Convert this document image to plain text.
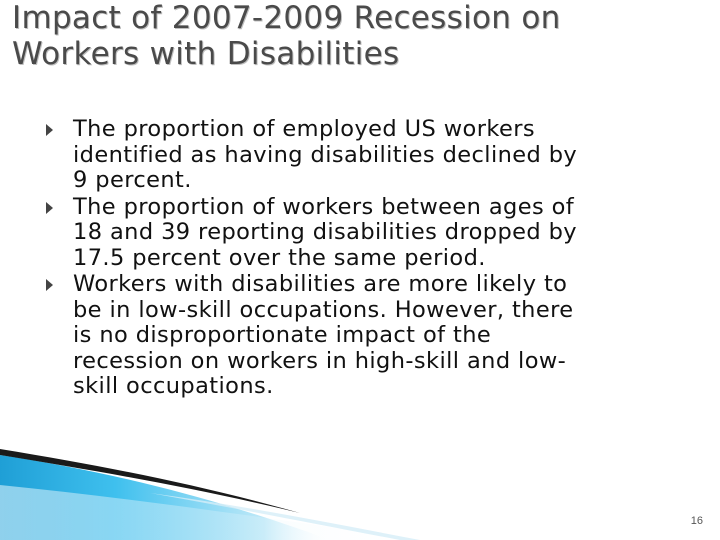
Impact of 2007-2009 Recession on
Workers with Disabilities
The proportion of employed US workers
identified as having disabilities declined by
9 percent.
The proportion of workers between ages of
18 and 39 reporting disabilities dropped by
17.5 percent over the same period.
Workers with disabilities are more likely to
be in low-skill occupations. However, there
is no disproportionate impact of the
recession on workers in high-skill and low-
skill occupations.
16
